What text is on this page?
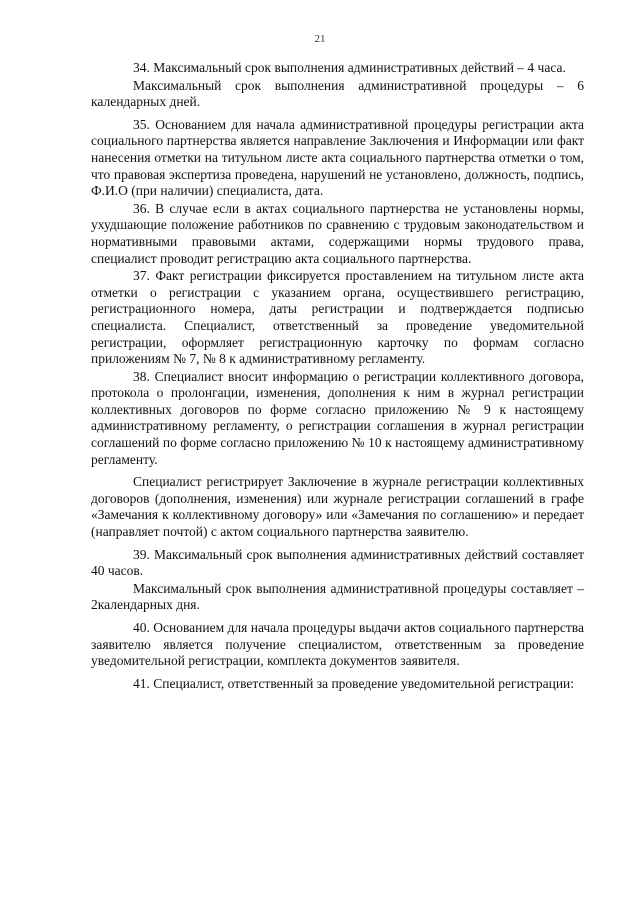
21

34. Максимальный срок выполнения административных действий – 4 часа.

Максимальный срок выполнения административной процедуры – 6 календарных дней.

35. Основанием для начала административной процедуры регистрации акта социального партнерства является направление Заключения и Информации или факт нанесения отметки на титульном листе акта социального партнерства отметки о том, что правовая экспертиза проведена, нарушений не установлено, должность, подпись, Ф.И.О (при наличии) специалиста, дата.

36. В случае если в актах социального партнерства не установлены нормы, ухудшающие положение работников по сравнению с трудовым законодательством и нормативными правовыми актами, содержащими нормы трудового права, специалист проводит регистрацию акта социального партнерства.

37. Факт регистрации фиксируется проставлением на титульном листе акта отметки о регистрации с указанием органа, осуществившего регистрацию, регистрационного номера, даты регистрации и подтверждается подписью специалиста. Специалист, ответственный за проведение уведомительной регистрации, оформляет регистрационную карточку по формам согласно приложениям № 7, № 8 к административному регламенту.

38. Специалист вносит информацию о регистрации коллективного договора, протокола о пролонгации, изменения, дополнения к ним в журнал регистрации коллективных договоров по форме согласно приложению № 9 к настоящему административному регламенту, о регистрации соглашения в журнал регистрации соглашений по форме согласно приложению № 10 к настоящему административному регламенту.

Специалист регистрирует Заключение в журнале регистрации коллективных договоров (дополнения, изменения) или журнале регистрации соглашений в графе «Замечания к коллективному договору» или «Замечания по соглашению» и передает (направляет почтой) с актом социального партнерства заявителю.

39. Максимальный срок выполнения административных действий составляет 40 часов.

Максимальный срок выполнения административной процедуры составляет –2календарных дня.

40. Основанием для начала процедуры выдачи актов социального партнерства заявителю является получение специалистом, ответственным за проведение уведомительной регистрации, комплекта документов заявителя.

41. Специалист, ответственный за проведение уведомительной регистрации:
